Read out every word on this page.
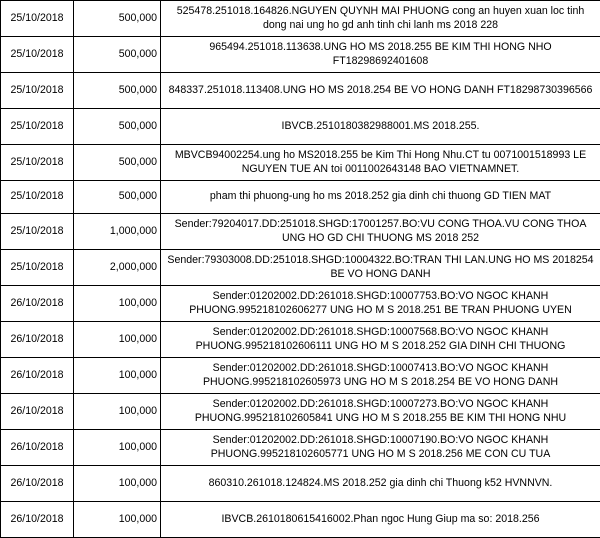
25/10/2018	500,000	525478.251018.164826.NGUYEN QUYNH MAI PHUONG cong an huyen xuan loc tinh dong nai ung ho gd anh tinh chi lanh ms 2018 228
25/10/2018	500,000	965494.251018.113638.UNG HO MS 2018.255 BE KIM THI HONG NHO FT18298692401608
25/10/2018	500,000	848337.251018.113408.UNG HO MS 2018.254 BE VO HONG DANH FT18298730396566
25/10/2018	500,000	IBVCB.2510180382988001.MS 2018.255.
25/10/2018	500,000	MBVCB94002254.ung ho MS2018.255 be Kim Thi Hong Nhu.CT tu 0071001518993 LE NGUYEN TUE AN toi 0011002643148 BAO VIETNAMNET.
25/10/2018	500,000	pham thi phuong-ung ho ms 2018.252 gia dinh chi thuong GD TIEN MAT
25/10/2018	1,000,000	Sender:79204017.DD:251018.SHGD:17001257.BO:VU CONG THOA.VU CONG THOA UNG HO GD CHI THUONG MS 2018 252
25/10/2018	2,000,000	Sender:79303008.DD:251018.SHGD:10004322.BO:TRAN THI LAN.UNG HO MS 2018254 BE VO HONG DANH
26/10/2018	100,000	Sender:01202002.DD:261018.SHGD:10007753.BO:VO NGOC KHANH PHUONG.995218102606277 UNG HO M S 2018.251 BE TRAN PHUONG UYEN
26/10/2018	100,000	Sender:01202002.DD:261018.SHGD:10007568.BO:VO NGOC KHANH PHUONG.995218102606111 UNG HO M S 2018.252 GIA DINH CHI THUONG
26/10/2018	100,000	Sender:01202002.DD:261018.SHGD:10007413.BO:VO NGOC KHANH PHUONG.995218102605973 UNG HO M S 2018.254 BE VO HONG DANH
26/10/2018	100,000	Sender:01202002.DD:261018.SHGD:10007273.BO:VO NGOC KHANH PHUONG.995218102605841 UNG HO M S 2018.255 BE KIM THI HONG NHU
26/10/2018	100,000	Sender:01202002.DD:261018.SHGD:10007190.BO:VO NGOC KHANH PHUONG.995218102605771 UNG HO M S 2018.256 ME CON CU TUA
26/10/2018	100,000	860310.261018.124824.MS 2018.252 gia dinh chi Thuong k52 HVNNVN.
26/10/2018	100,000	IBVCB.2610180615416002.Phan ngoc Hung Giup ma so: 2018.256
